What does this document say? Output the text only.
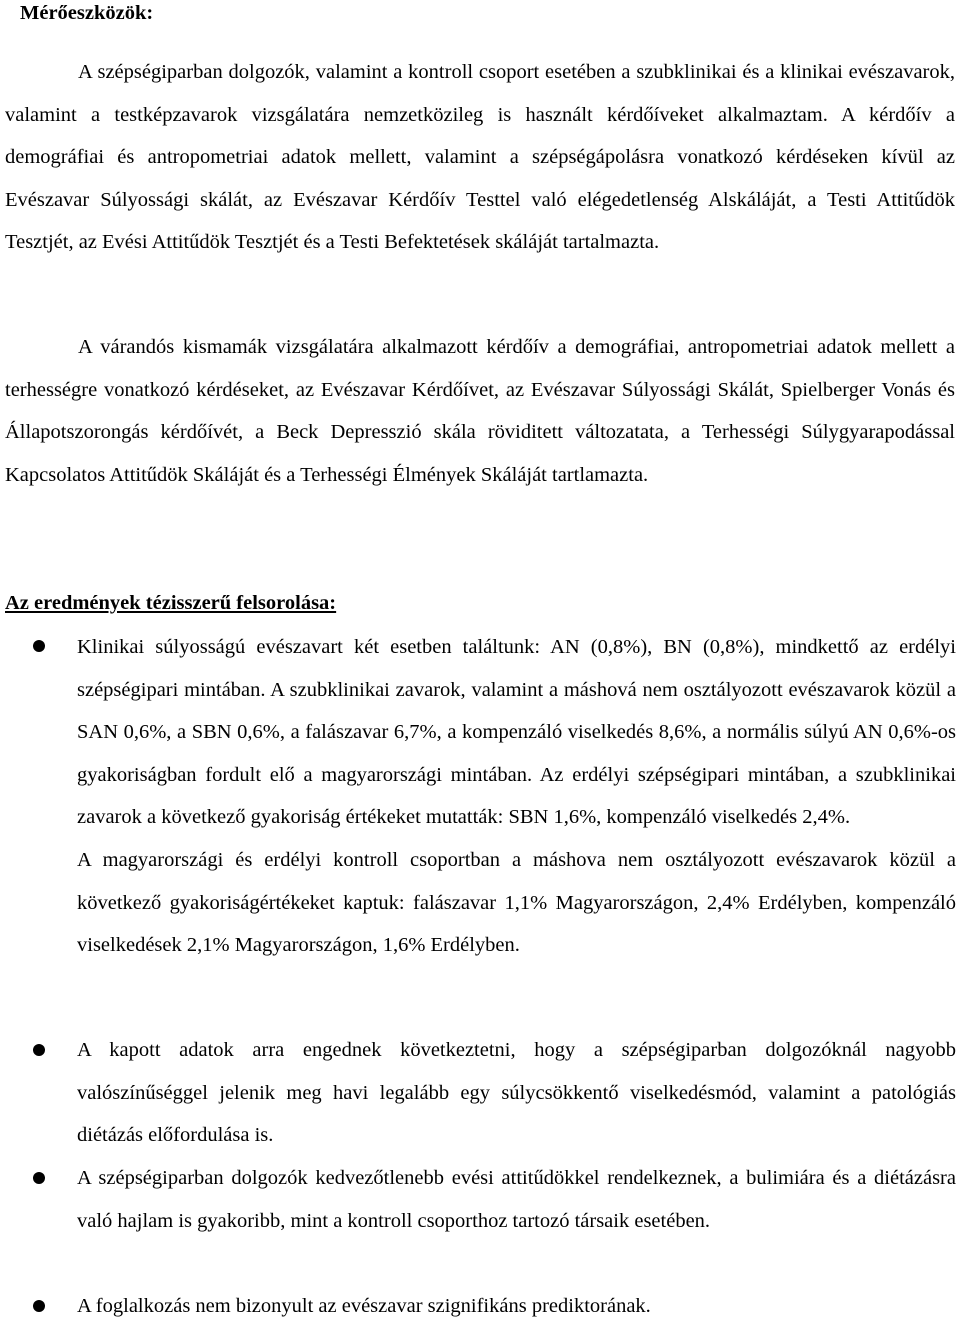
Mérőeszközök:

A szépségiparban dolgozók, valamint a kontroll csoport esetében a szubklinikai és a klinikai evészavarok, valamint a testképzavarok vizsgálatára nemzetközileg is használt kérdőíveket alkalmaztam. A kérdőív a demográfiai és antropometriai adatok mellett, valamint a szépségápolásra vonatkozó kérdéseken kívül az Evészavar Súlyossági skálát, az Evészavar Kérdőív Testtel való elégedetlenség Alskáláját, a Testi Attitűdök Tesztjét, az Evési Attitűdök Tesztjét és a Testi Befektetések skáláját tartalmazta.

A várandós kismamák vizsgálatára alkalmazott kérdőív a demográfiai, antropometriai adatok mellett a terhességre vonatkozó kérdéseket, az Evészavar Kérdőívet, az Evészavar Súlyossági Skálát, Spielberger Vonás és Állapotszorongás kérdőívét, a Beck Depresszió skála röviditett változatata, a Terhességi Súlygyarapodással Kapcsolatos Attitűdök Skáláját és a Terhességi Élmények Skáláját tartlamazta.

Az eredmények tézisszerű felsorolása:

Klinikai súlyosságú evészavart két esetben találtunk: AN (0,8%), BN (0,8%), mindkettő az erdélyi szépségipari mintában. A szubklinikai zavarok, valamint a máshová nem osztályozott evészavarok közül a SAN 0,6%, a SBN 0,6%, a falászavar 6,7%, a kompenzáló viselkedés 8,6%, a normális súlyú AN 0,6%-os gyakoriságban fordult elő a magyarországi mintában. Az erdélyi szépségipari mintában, a szubklinikai zavarok a következő gyakoriság értékeket mutatták: SBN 1,6%, kompenzáló viselkedés 2,4%.

A magyarországi és erdélyi kontroll csoportban a máshova nem osztályozott evészavarok közül a következő gyakoriságértékeket kaptuk: falászavar 1,1% Magyarországon, 2,4% Erdélyben, kompenzáló viselkedések 2,1% Magyarországon, 1,6% Erdélyben.

A kapott adatok arra engednek következtetni, hogy a szépségiparban dolgozóknál nagyobb valószínűséggel jelenik meg havi legalább egy súlycsökkentő viselkedésmód, valamint a patológiás diétázás előfordulása is.

A szépségiparban dolgozók kedvezőtlenebb evési attitűdökkel rendelkeznek, a bulimiára és a diétázásra való hajlam is gyakoribb, mint a kontroll csoporthoz tartozó társaik esetében.

A foglalkozás nem bizonyult az evészavar szignifikáns prediktorának.
